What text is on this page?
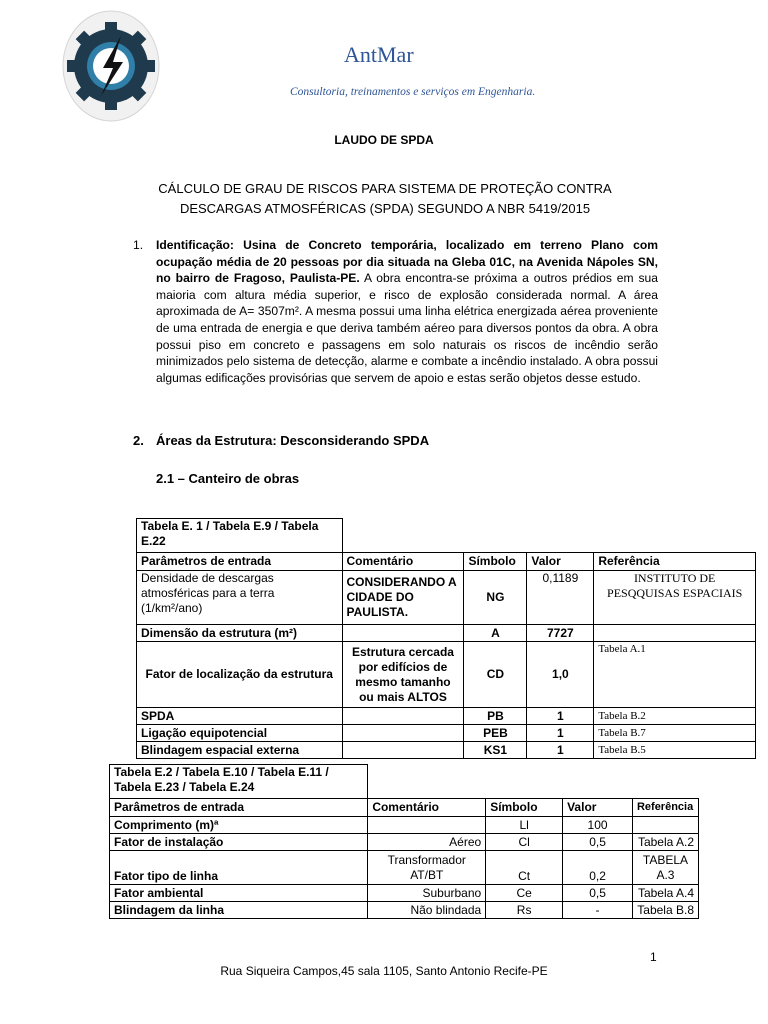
AntMar
Consultoria, treinamentos e serviços em Engenharia.
LAUDO DE SPDA
CÁLCULO DE GRAU DE RISCOS PARA SISTEMA DE PROTEÇÃO CONTRA
DESCARGAS ATMOSFÉRICAS (SPDA) SEGUNDO A NBR 5419/2015
1. Identificação: Usina de Concreto temporária, localizado em terreno Plano com ocupação média de 20 pessoas por dia situada na Gleba 01C, na Avenida Nápoles SN, no bairro de Fragoso, Paulista-PE. A obra encontra-se próxima a outros prédios em sua maioria com altura média superior, e risco de explosão considerada normal. A área aproximada de A= 3507m². A mesma possui uma linha elétrica energizada aérea proveniente de uma entrada de energia e que deriva também aéreo para diversos pontos da obra. A obra possui piso em concreto e passagens em solo naturais os riscos de incêndio serão minimizados pelo sistema de detecção, alarme e combate a incêndio instalado. A obra possui algumas edificações provisórias que servem de apoio e estas serão objetos desse estudo.
2. Áreas da Estrutura: Desconsiderando SPDA
2.1 – Canteiro de obras
Tabela E. 1 / Tabela E.9 / Tabela E.22				
Parâmetros de entrada	Comentário	Símbolo	Valor	Referência
Densidade de descargas atmosféricas para a terra (1/km²/ano)	CONSIDERANDO A CIDADE DO PAULISTA.	NG	0,1189	INSTITUTO DE PESQQUISAS ESPACIAIS
Dimensão da estrutura (m²)		A	7727	
Fator de localização da estrutura	Estrutura cercada por edifícios de mesmo tamanho ou mais ALTOS	CD	1,0	Tabela A.1
SPDA		PB	1	Tabela B.2
Ligação equipotencial		PEB	1	Tabela B.7
Blindagem espacial externa		KS1	1	Tabela B.5
Tabela E.2 / Tabela E.10 / Tabela E.11 / Tabela E.23 / Tabela E.24				
Parâmetros de entrada	Comentário	Símbolo	Valor	Referência
Comprimento (m)ª		Ll	100	
Fator de instalação	Aéreo	Cl	0,5	Tabela A.2
Fator tipo de linha	Transformador AT/BT	Ct	0,2	TABELA A.3
Fator ambiental	Suburbano	Ce	0,5	Tabela A.4
Blindagem da linha	Não blindada	Rs	-	Tabela B.8
1
Rua Siqueira Campos,45 sala 1105, Santo Antonio Recife-PE
